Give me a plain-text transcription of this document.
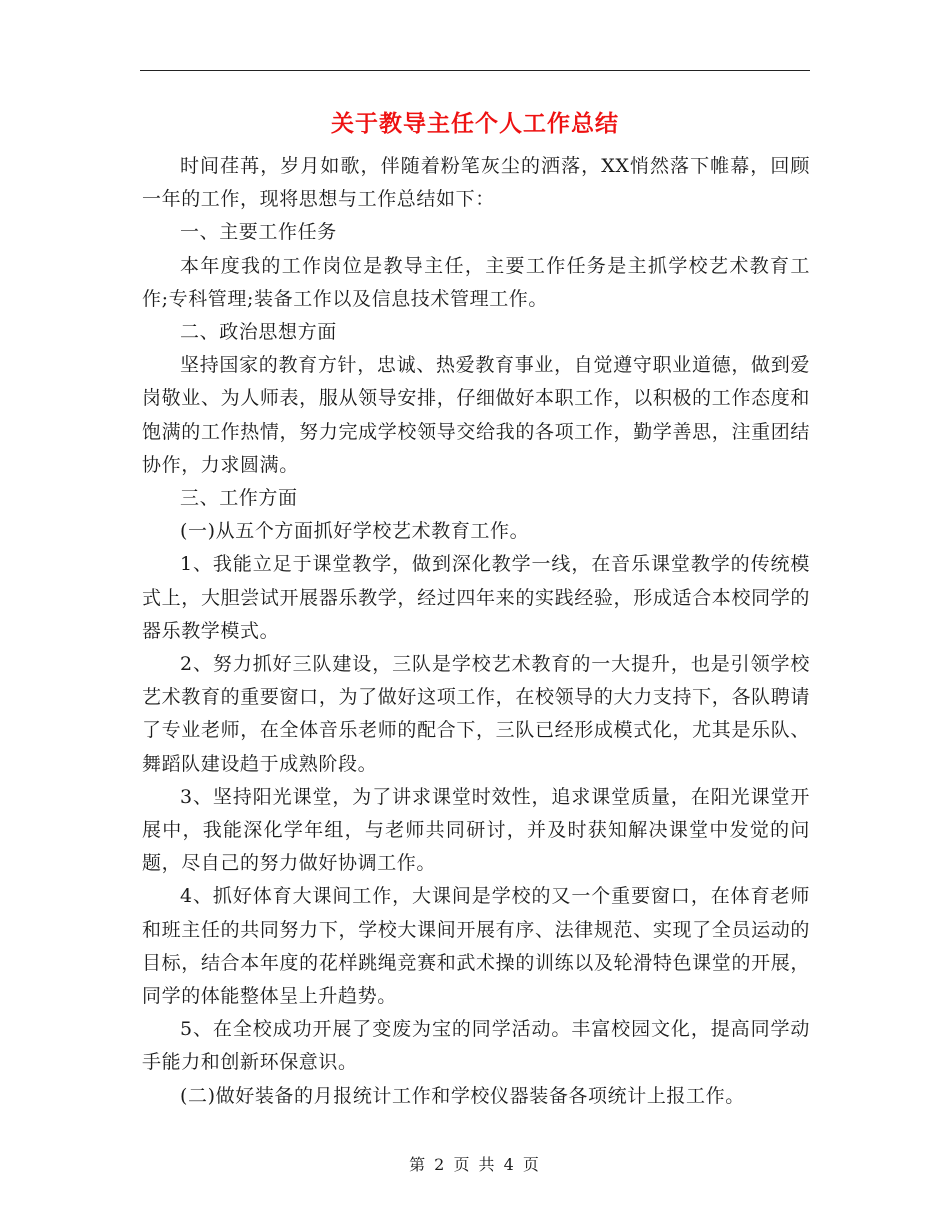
关于教导主任个人工作总结

时间荏苒，岁月如歌，伴随着粉笔灰尘的洒落，XX悄然落下帷幕，回顾一年的工作，现将思想与工作总结如下：

一、主要工作任务

本年度我的工作岗位是教导主任，主要工作任务是主抓学校艺术教育工作;专科管理;装备工作以及信息技术管理工作。

二、政治思想方面

坚持国家的教育方针，忠诚、热爱教育事业，自觉遵守职业道德，做到爱岗敬业、为人师表，服从领导安排，仔细做好本职工作，以积极的工作态度和饱满的工作热情，努力完成学校领导交给我的各项工作，勤学善思，注重团结协作，力求圆满。

三、工作方面

(一)从五个方面抓好学校艺术教育工作。

1、我能立足于课堂教学，做到深化教学一线，在音乐课堂教学的传统模式上，大胆尝试开展器乐教学，经过四年来的实践经验，形成适合本校同学的器乐教学模式。

2、努力抓好三队建设，三队是学校艺术教育的一大提升，也是引领学校艺术教育的重要窗口，为了做好这项工作，在校领导的大力支持下，各队聘请了专业老师，在全体音乐老师的配合下，三队已经形成模式化，尤其是乐队、舞蹈队建设趋于成熟阶段。

3、坚持阳光课堂，为了讲求课堂时效性，追求课堂质量，在阳光课堂开展中，我能深化学年组，与老师共同研讨，并及时获知解决课堂中发觉的问题，尽自己的努力做好协调工作。

4、抓好体育大课间工作，大课间是学校的又一个重要窗口，在体育老师和班主任的共同努力下，学校大课间开展有序、法律规范、实现了全员运动的目标，结合本年度的花样跳绳竞赛和武术操的训练以及轮滑特色课堂的开展，同学的体能整体呈上升趋势。

5、在全校成功开展了变废为宝的同学活动。丰富校园文化，提高同学动手能力和创新环保意识。

(二)做好装备的月报统计工作和学校仪器装备各项统计上报工作。

第 2 页 共 4 页
